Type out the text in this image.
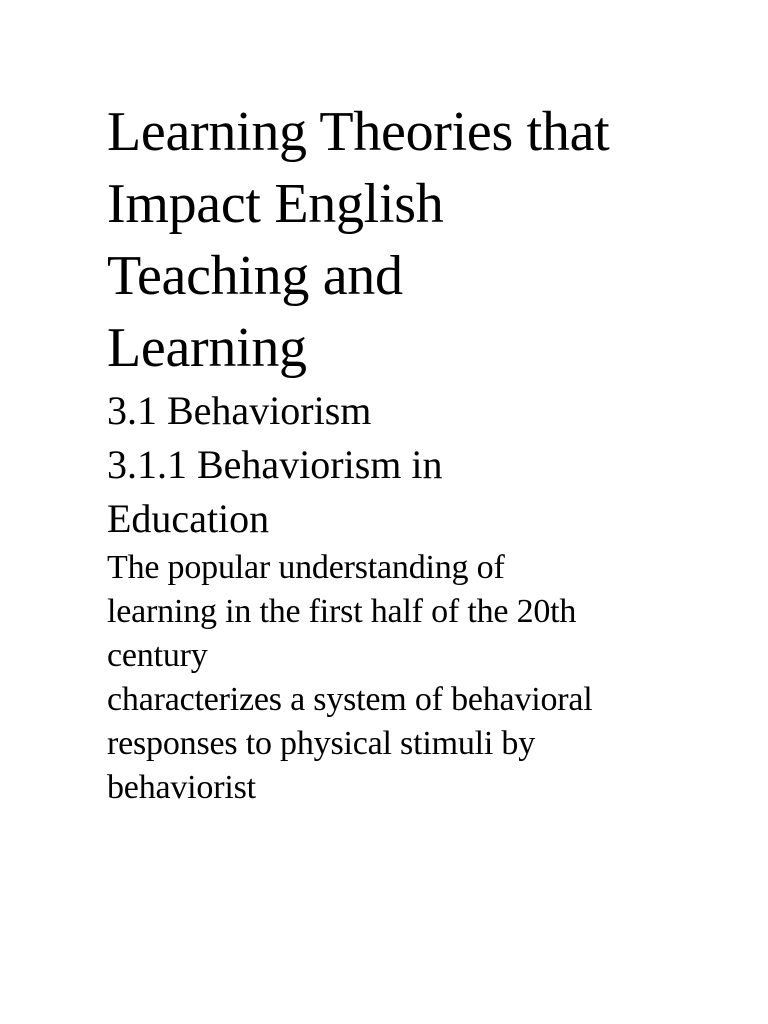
Learning Theories that
Impact English
Teaching and
Learning
3.1 Behaviorism
3.1.1 Behaviorism in
Education

The popular understanding of
learning in the first half of the 20th
century
characterizes a system of behavioral
responses to physical stimuli by
behaviorist
